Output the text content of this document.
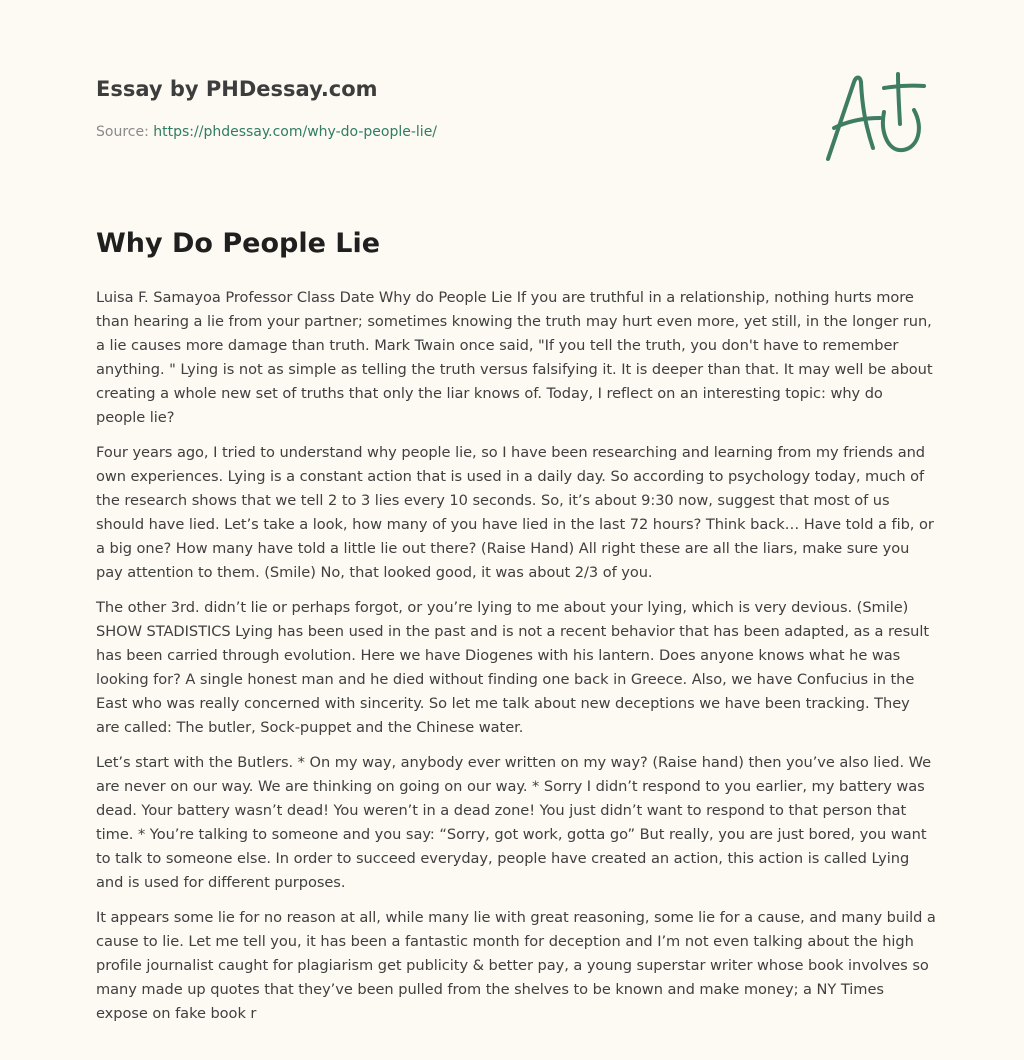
Essay by PHDessay.com
Source: https://phdessay.com/why-do-people-lie/
Why Do People Lie

Luisa F. Samayoa Professor Class Date Why do People Lie If you are truthful in a relationship, nothing hurts more than hearing a lie from your partner; sometimes knowing the truth may hurt even more, yet still, in the longer run, a lie causes more damage than truth. Mark Twain once said, "If you tell the truth, you don't have to remember anything. " Lying is not as simple as telling the truth versus falsifying it. It is deeper than that. It may well be about creating a whole new set of truths that only the liar knows of. Today, I reflect on an interesting topic: why do people lie?

Four years ago, I tried to understand why people lie, so I have been researching and learning from my friends and own experiences. Lying is a constant action that is used in a daily day. So according to psychology today, much of the research shows that we tell 2 to 3 lies every 10 seconds. So, it’s about 9:30 now, suggest that most of us should have lied. Let’s take a look, how many of you have lied in the last 72 hours? Think back… Have told a fib, or a big one? How many have told a little lie out there? (Raise Hand) All right these are all the liars, make sure you pay attention to them. (Smile) No, that looked good, it was about 2/3 of you.

The other 3rd. didn’t lie or perhaps forgot, or you’re lying to me about your lying, which is very devious. (Smile) SHOW STADISTICS Lying has been used in the past and is not a recent behavior that has been adapted, as a result has been carried through evolution. Here we have Diogenes with his lantern. Does anyone knows what he was looking for? A single honest man and he died without finding one back in Greece. Also, we have Confucius in the East who was really concerned with sincerity. So let me talk about new deceptions we have been tracking. They are called: The butler, Sock-puppet and the Chinese water.

Let’s start with the Butlers. * On my way, anybody ever written on my way? (Raise hand) then you’ve also lied. We are never on our way. We are thinking on going on our way. * Sorry I didn’t respond to you earlier, my battery was dead. Your battery wasn’t dead! You weren’t in a dead zone! You just didn’t want to respond to that person that time. * You’re talking to someone and you say: “Sorry, got work, gotta go” But really, you are just bored, you want to talk to someone else. In order to succeed everyday, people have created an action, this action is called Lying and is used for different purposes.

It appears some lie for no reason at all, while many lie with great reasoning, some lie for a cause, and many build a cause to lie. Let me tell you, it has been a fantastic month for deception and I’m not even talking about the high profile journalist caught for plagiarism get publicity & better pay, a young superstar writer whose book involves so many made up quotes that they’ve been pulled from the shelves to be known and make money; a NY Times expose on fake book r
